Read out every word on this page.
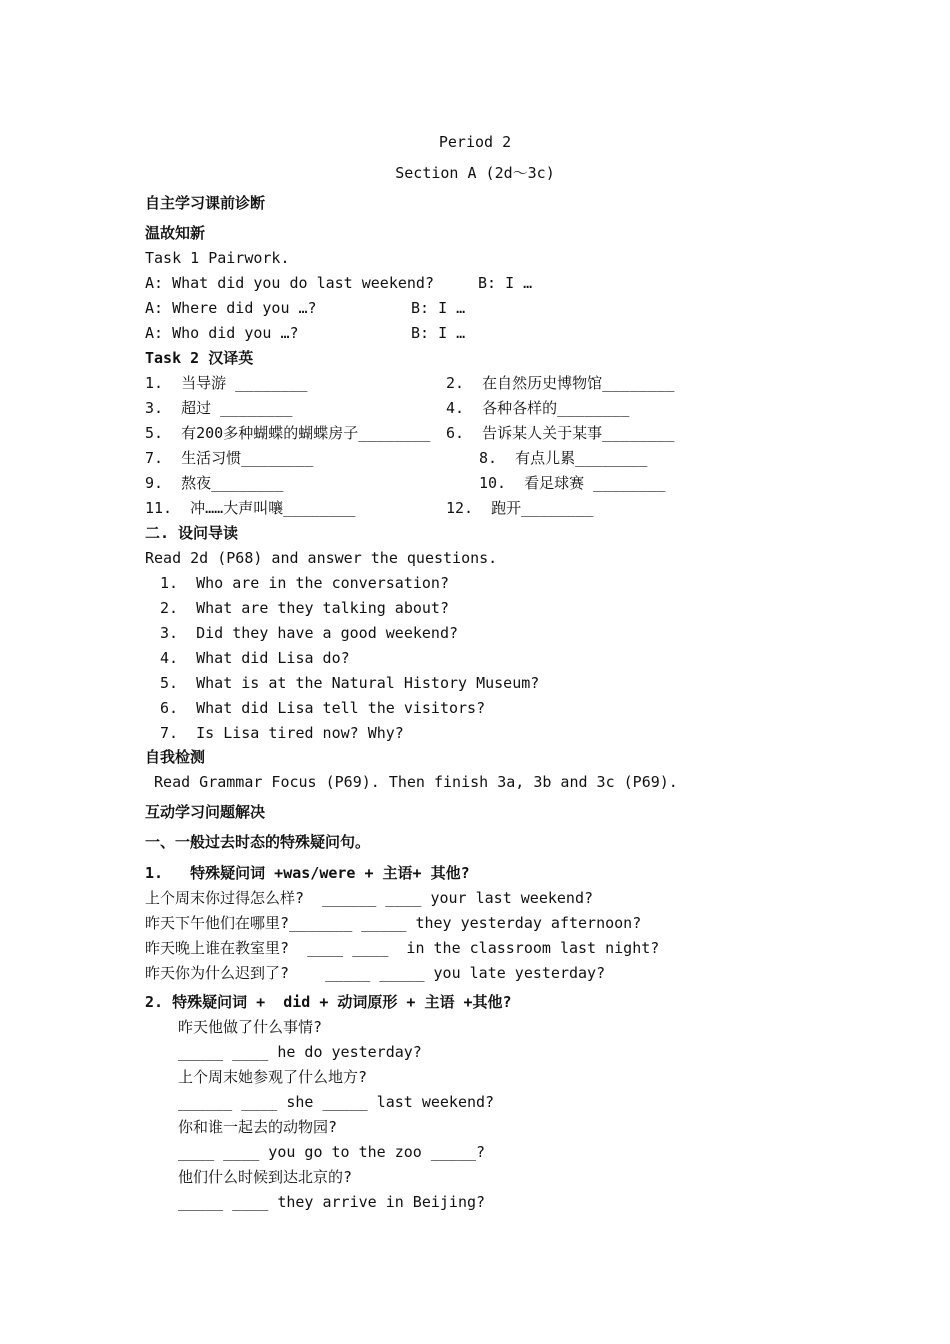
Period 2
Section A (2d～3c)
自主学习课前诊断
温故知新
Task 1 Pairwork.
A: What did you do last weekend?	B: I …
A: Where did you …?	B: I …
A: Who did you …?	B: I …
Task 2 汉译英
1.  当导游 ________	2.  在自然历史博物馆________
3.  超过 ________	4.  各种各样的________
5.  有200多种蝴蝶的蝴蝶房子________ 6.  告诉某人关于某事________
7.  生活习惯________	8.  有点儿累________
9.  熬夜________	10.  看足球赛 ________
11.  冲……大声叫嚷________	12.  跑开________
二. 设问导读
Read 2d (P68) and answer the questions.
1.  Who are in the conversation?
2.  What are they talking about?
3.  Did they have a good weekend?
4.  What did Lisa do?
5.  What is at the Natural History Museum?
6.  What did Lisa tell the visitors?
7.  Is Lisa tired now? Why?
自我检测
Read Grammar Focus (P69). Then finish 3a, 3b and 3c (P69).
互动学习问题解决
一、一般过去时态的特殊疑问句。
1.   特殊疑问词 +was/were + 主语+ 其他?
上个周末你过得怎么样?  ______ ____ your last weekend?
昨天下午他们在哪里?_______ _____ they yesterday afternoon?
昨天晚上谁在教室里?  ____ ____  in the classroom last night?
昨天你为什么迟到了?    _____ _____ you late yesterday?
2. 特殊疑问词 +  did + 动词原形 + 主语 +其他?
昨天他做了什么事情?
_____ ____ he do yesterday?
上个周末她参观了什么地方?
______ ____ she _____ last weekend?
你和谁一起去的动物园?
____ ____ you go to the zoo _____?
他们什么时候到达北京的?
_____ ____ they arrive in Beijing?
